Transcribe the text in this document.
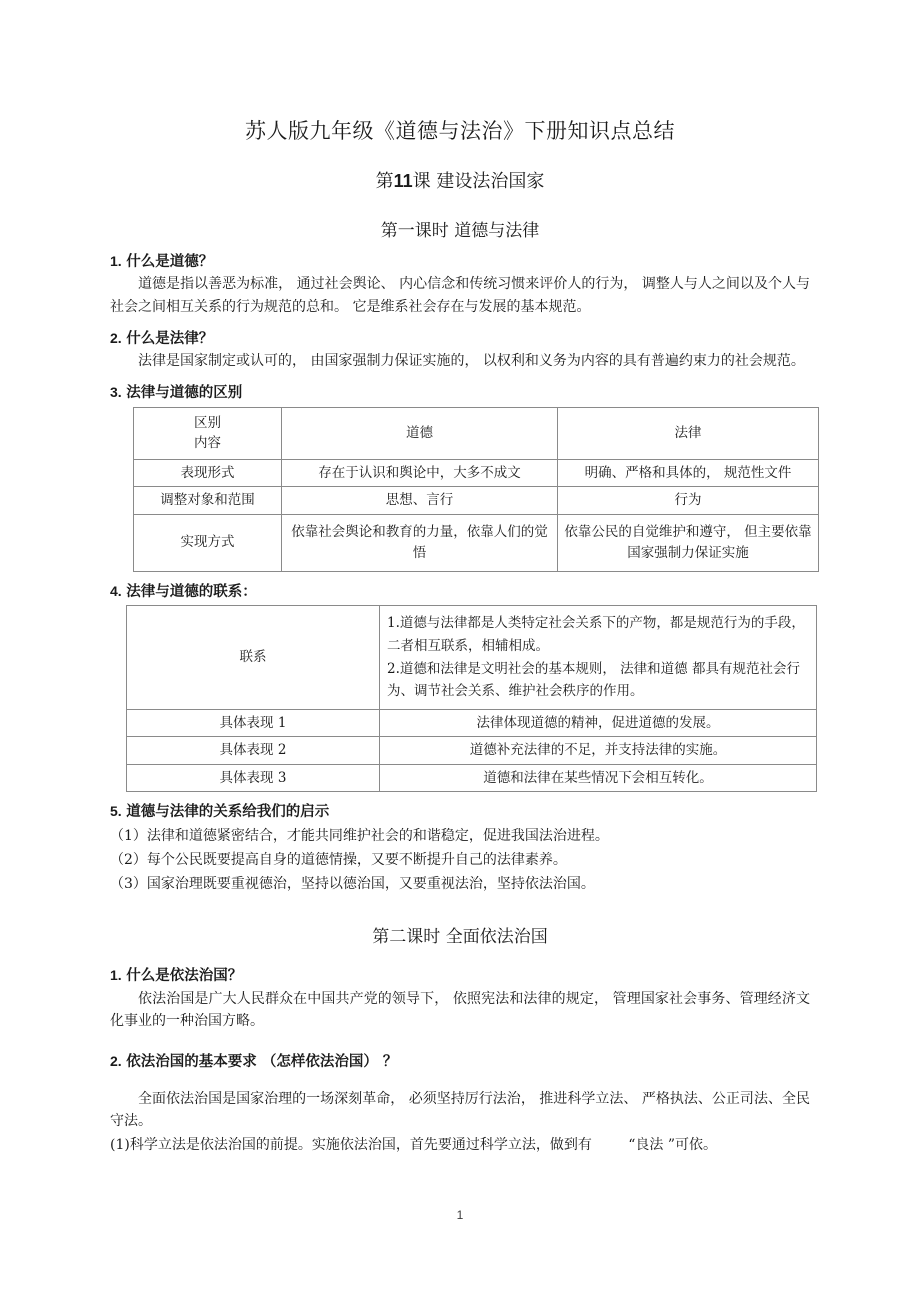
苏人版九年级《道德与法治》下册知识点总结
第11课 建设法治国家
第一课时 道德与法律

1. 什么是道德？

道德是指以善恶为标准， 通过社会舆论、 内心信念和传统习惯来评价人的行为， 调整人与人之间以及个人与社会之间相互关系的行为规范的总和。 它是维系社会存在与发展的基本规范。

2. 什么是法律？

法律是国家制定或认可的， 由国家强制力保证实施的， 以权利和义务为内容的具有普遍约束力的社会规范。

3. 法律与道德的区别

区别
内容	道德	法律
表现形式	存在于认识和舆论中，大多不成文	明确、严格和具体的， 规范性文件
调整对象和范围	思想、言行	行为
实现方式	依靠社会舆论和教育的力量，依靠人们的觉悟	依靠公民的自觉维护和遵守， 但主要依靠国家强制力保证实施

4. 法律与道德的联系：

联系	1.道德与法律都是人类特定社会关系下的产物，都是规范行为的手段，二者相互联系，相辅相成。
2.道德和法律是文明社会的基本规则， 法律和道德 都具有规范社会行为、调节社会关系、维护社会秩序的作用。

具体表现 1	法律体现道德的精神，促进道德的发展。
具体表现 2	道德补充法律的不足，并支持法律的实施。
具体表现 3	道德和法律在某些情况下会相互转化。

5. 道德与法律的关系给我们的启示

（1）法律和道德紧密结合，才能共同维护社会的和谐稳定，促进我国法治进程。

（2）每个公民既要提高自身的道德情操，又要不断提升自己的法律素养。

（3）国家治理既要重视德治，坚持以德治国，又要重视法治，坚持依法治国。

第二课时 全面依法治国

1. 什么是依法治国？

依法治国是广大人民群众在中国共产党的领导下， 依照宪法和法律的规定， 管理国家社会事务、管理经济文化事业的一种治国方略。

2. 依法治国的基本要求 （怎样依法治国） ？

全面依法治国是国家治理的一场深刻革命， 必须坚持厉行法治， 推进科学立法、 严格执法、公正司法、全民守法。

(1)科学立法是依法治国的前提。实施依法治国，首先要通过科学立法，做到有	“良法 ”可依。

1
